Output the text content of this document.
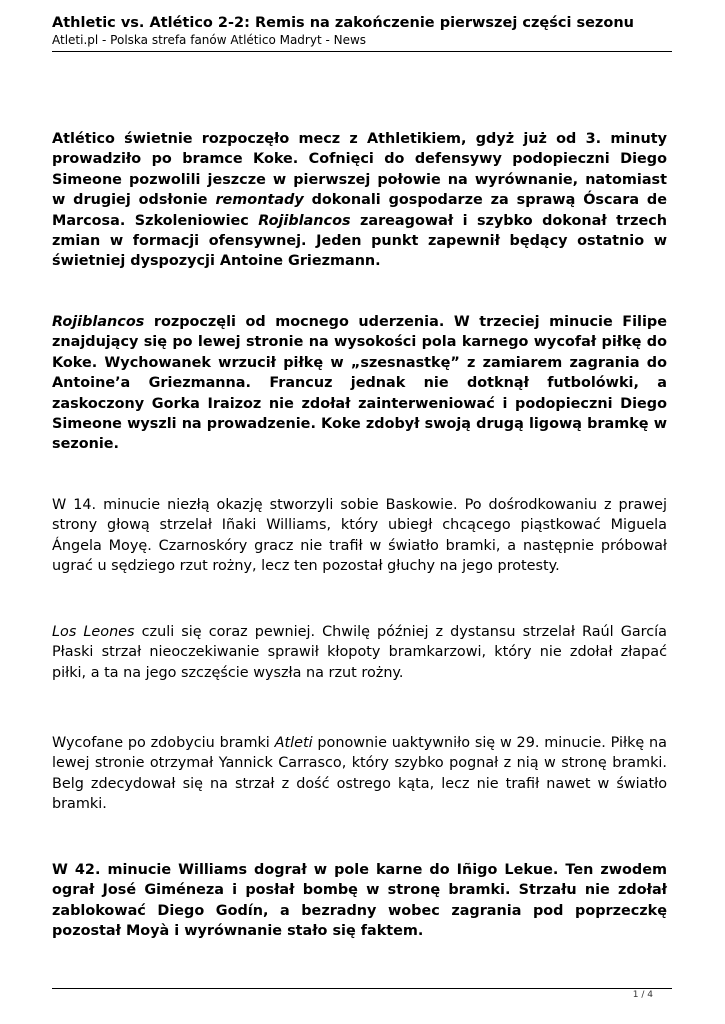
Athletic vs. Atlético 2-2: Remis na zakończenie pierwszej części sezonu
Atleti.pl - Polska strefa fanów Atlético Madryt - News

Atlético świetnie rozpoczęło mecz z Athletikiem, gdyż już od 3. minuty prowadziło po bramce Koke. Cofnięci do defensywy podopieczni Diego Simeone pozwolili jeszcze w pierwszej połowie na wyrównanie, natomiast w drugiej odsłonie remontady dokonali gospodarze za sprawą Óscara de Marcosa. Szkoleniowiec Rojiblancos zareagował i szybko dokonał trzech zmian w formacji ofensywnej. Jeden punkt zapewnił będący ostatnio w świetniej dyspozycji Antoine Griezmann.

Rojiblancos rozpoczęli od mocnego uderzenia. W trzeciej minucie Filipe znajdujący się po lewej stronie na wysokości pola karnego wycofał piłkę do Koke. Wychowanek wrzucił piłkę w „szesnastkę” z zamiarem zagrania do Antoine’a Griezmanna. Francuz jednak nie dotknął futbolówki, a zaskoczony Gorka Iraizoz nie zdołał zainterweniować i podopieczni Diego Simeone wyszli na prowadzenie. Koke zdobył swoją drugą ligową bramkę w sezonie.

W 14. minucie niezłą okazję stworzyli sobie Baskowie. Po dośrodkowaniu z prawej strony głową strzelał Iñaki Williams, który ubiegł chcącego piąstkować Miguela Ángela Moyę. Czarnoskóry gracz nie trafił w światło bramki, a następnie próbował ugrać u sędziego rzut rożny, lecz ten pozostał głuchy na jego protesty.

Los Leones czuli się coraz pewniej. Chwilę później z dystansu strzelał Raúl García Płaski strzał nieoczekiwanie sprawił kłopoty bramkarzowi, który nie zdołał złapać piłki, a ta na jego szczęście wyszła na rzut rożny.

Wycofane po zdobyciu bramki Atleti ponownie uaktywniło się w 29. minucie. Piłkę na lewej stronie otrzymał Yannick Carrasco, który szybko pognał z nią w stronę bramki. Belg zdecydował się na strzał z dość ostrego kąta, lecz nie trafił nawet w światło bramki.

W 42. minucie Williams dograł w pole karne do Iñigo Lekue. Ten zwodem ograł José Giméneza i posłał bombę w stronę bramki. Strzału nie zdołał zablokować Diego Godín, a bezradny wobec zagrania pod poprzeczkę pozostał Moyà i wyrównanie stało się faktem.

1 / 4
